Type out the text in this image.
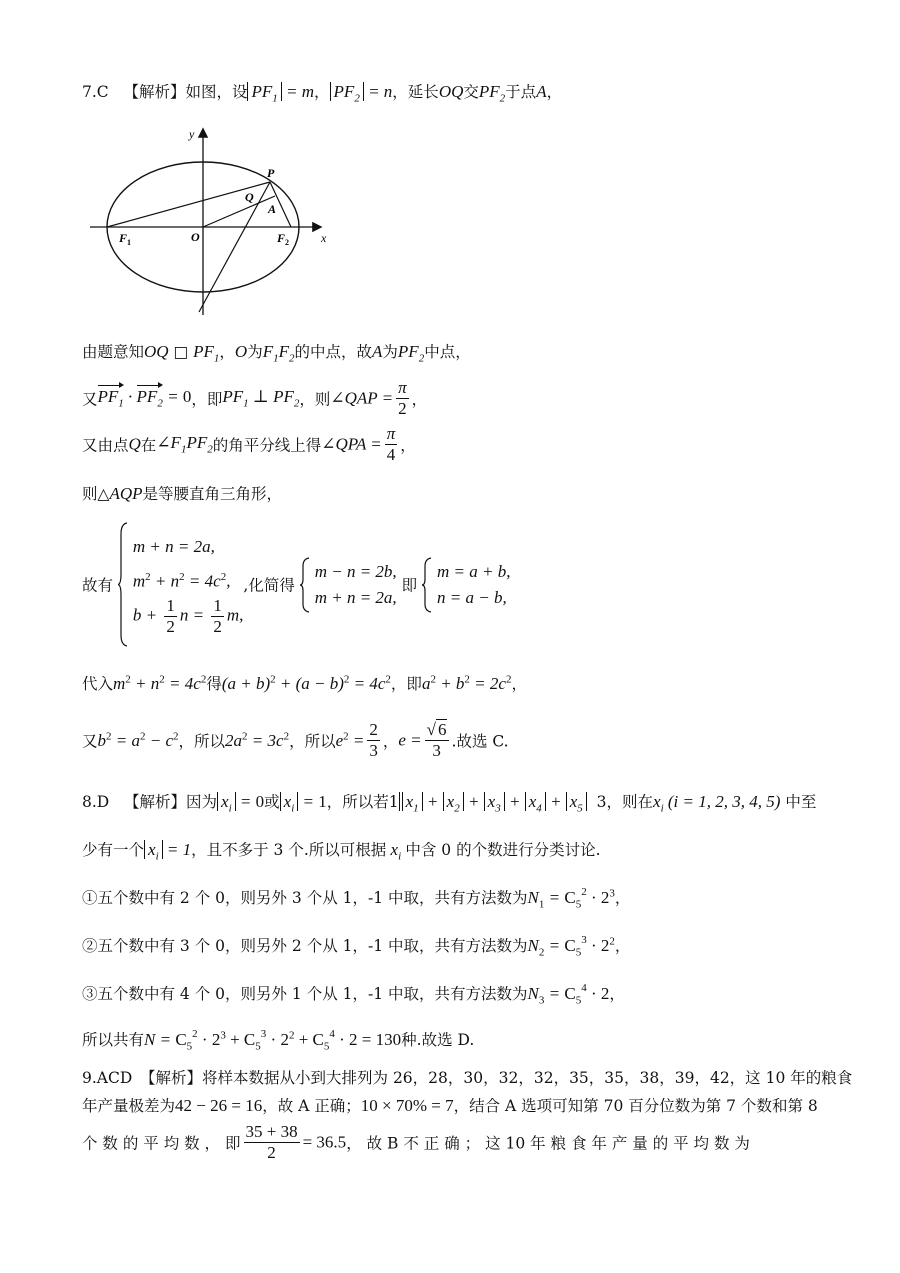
7.C 【解析】如图，设 $PF_1 = m$， $PF_2 = n$，延长OQ交$PF_2$于点A，
y
x
P
Q
A
O
$F_1$	$F_2$
由题意知OQ □ $PF_1$，O为$F_1F_2$的中点，故A为$PF_2$中点，
又$PF_1 \cdot PF_2 = 0$，即$PF_1$ ⊥ $PF_2$，则∠QAP = $\frac{\pi}{2}$ ，
又由点Q在$\angle F_1PF_2$的角平分线上得∠QPA = $\frac{\pi}{4}$ ，
则△AQP是等腰直角三角形，
故有  m + n = 2a,
$m^2 + n^2 = 4c^2$,
$b + \frac{1}{2}$ $n = \frac{1}{2} m$,,化简得  m − n = 2b,
m + n = 2a, 即  m = a + b,
n = a − b,
代入$m^2 + n^2 = 4c^2$得$(a + b)^2 + (a - b)^2 = 4c^2$，即$a^2 + b^2 = 2c^2$，
又$b^2 = a^2 - c^2$，所以$2a^2 = 3c^2$，所以$e^2 = \frac{2}{3}$ ，$e = \frac{√ 6}{3}$ .故选 C.
8.D 【解析】因为 $x_i = 0$或 $x_i = 1$，所以若1 $x_1 + x_2 + x_3 + x_4 + x_5$ 3，则在$x_i$ (i = 1, 2, 3, 4, 5) 中至
少有一个 $x_i = 1$，且不多于 3 个.所以可根据 $x_i$ 中含 0 的个数进行分类讨论.
①五个数中有 2 个 0，则另外 3 个从 1，-1 中取，共有方法数为$N_1 = C_5^2 \cdot 2^3$，
②五个数中有 3 个 0，则另外 2 个从 1，-1 中取，共有方法数为$N_2 = C_5^3 \cdot 2^2$，
③五个数中有 4 个 0，则另外 1 个从 1，-1 中取，共有方法数为$N_3 = C_5^4 \cdot 2$，
所以共有$N = C_5^2 \cdot 2^3 + C_5^3 \cdot 2^2 + C_5^4 \cdot 2 = 130$种.故选 D.
9.ACD　【解析】将样本数据从小到大排列为 26，28，30，32，32，35，35，38，39，42，这 10 年的粮食
年产量极差为42 − 26 = 16，故 A 正确；10 × 70% = 7，结合 A 选项可知第 70 百分位数为第 7 个数和第 8
个 数 的 平 均 数 ， 即 $\frac{35 + 38}{2} = 36.5$， 故 B 不 正 确 ； 这 10 年 粮 食 年 产 量 的 平 均 数 为
